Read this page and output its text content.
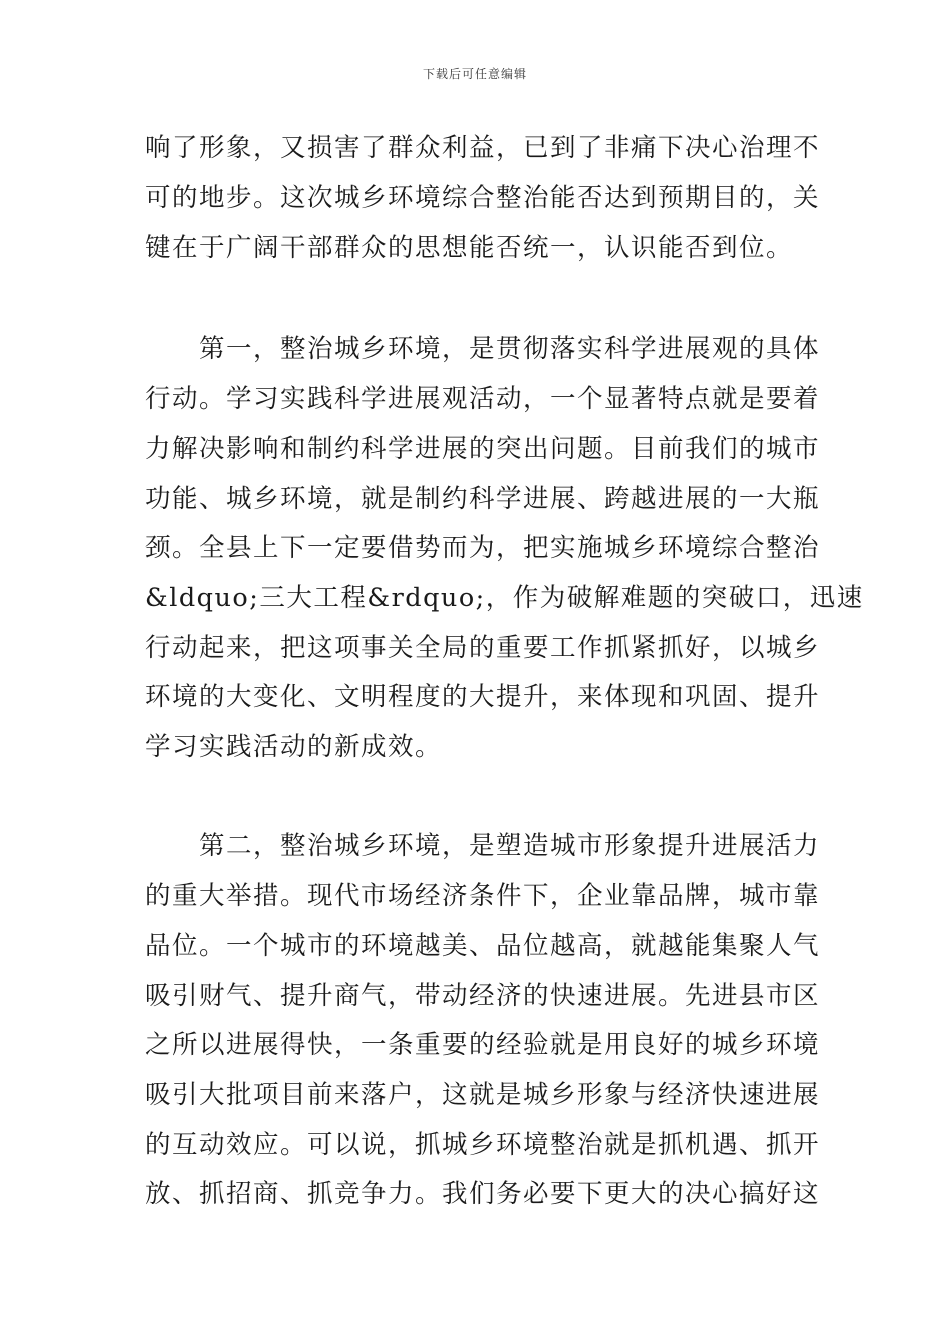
下载后可任意编辑
响了形象，又损害了群众利益，已到了非痛下决心治理不
可的地步。这次城乡环境综合整治能否达到预期目的，关
键在于广阔干部群众的思想能否统一，认识能否到位。
　　第一，整治城乡环境，是贯彻落实科学进展观的具体
行动。学习实践科学进展观活动，一个显著特点就是要着
力解决影响和制约科学进展的突出问题。目前我们的城市
功能、城乡环境，就是制约科学进展、跨越进展的一大瓶
颈。全县上下一定要借势而为，把实施城乡环境综合整治
&ldquo;三大工程&rdquo;，作为破解难题的突破口，迅速
行动起来，把这项事关全局的重要工作抓紧抓好，以城乡
环境的大变化、文明程度的大提升，来体现和巩固、提升
学习实践活动的新成效。
　　第二，整治城乡环境，是塑造城市形象提升进展活力
的重大举措。现代市场经济条件下，企业靠品牌，城市靠
品位。一个城市的环境越美、品位越高，就越能集聚人气
吸引财气、提升商气，带动经济的快速进展。先进县市区
之所以进展得快，一条重要的经验就是用良好的城乡环境
吸引大批项目前来落户，这就是城乡形象与经济快速进展
的互动效应。可以说，抓城乡环境整治就是抓机遇、抓开
放、抓招商、抓竞争力。我们务必要下更大的决心搞好这
